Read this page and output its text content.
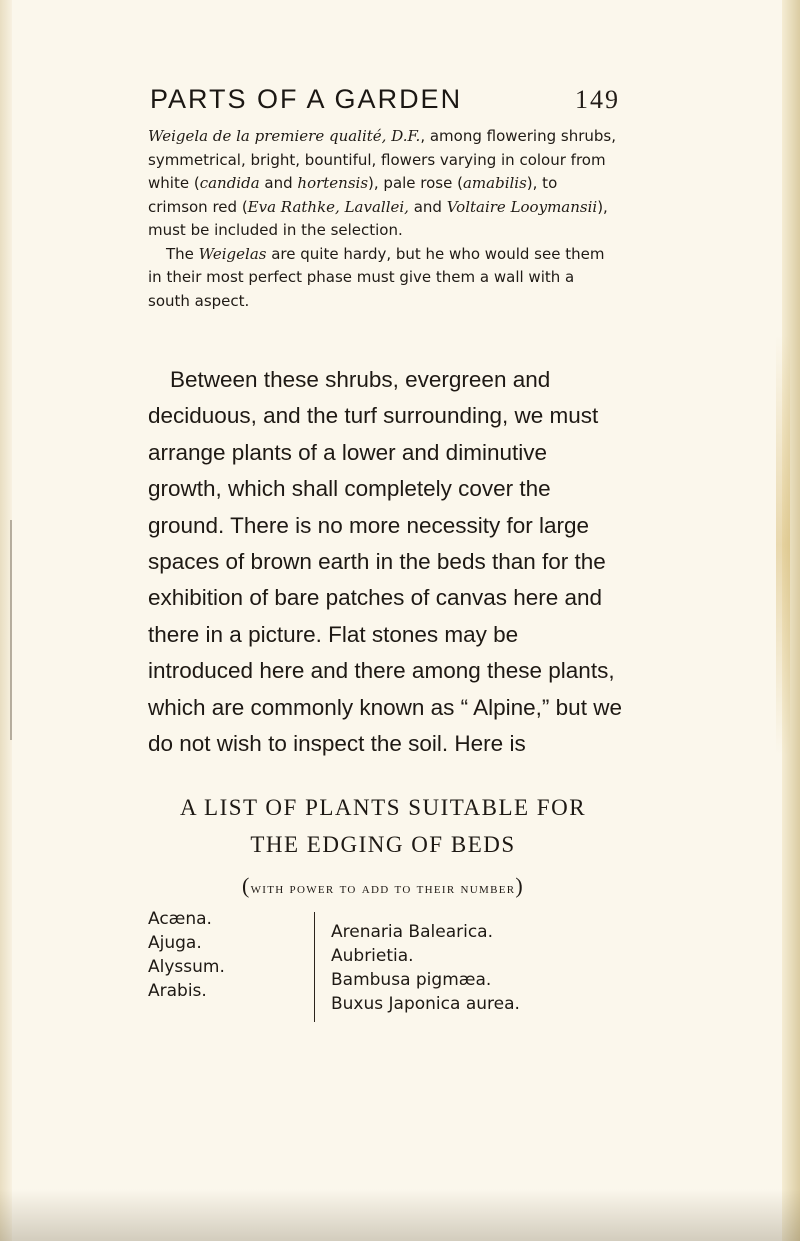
PARTS OF A GARDEN	149

Weigela de la premiere qualité, D.F., among flowering shrubs, symmetrical, bright, bountiful, flowers varying in colour from white (candida and hortensis), pale rose (amabilis), to crimson red (Eva Rathke, Lavallei, and Voltaire Looymansii), must be included in the selection.

The Weigelas are quite hardy, but he who would see them in their most perfect phase must give them a wall with a south aspect.

Between these shrubs, evergreen and deciduous, and the turf surrounding, we must arrange plants of a lower and diminutive growth, which shall completely cover the ground. There is no more necessity for large spaces of brown earth in the beds than for the exhibition of bare patches of canvas here and there in a picture. Flat stones may be introduced here and there among these plants, which are commonly known as “ Alpine,” but we do not wish to inspect the soil. Here is

A LIST OF PLANTS SUITABLE FOR
THE EDGING OF BEDS
(with power to add to their number)
Acæna.
Ajuga.
Alyssum.
Arabis.
Arenaria Balearica.
Aubrietia.
Bambusa pigmæa.
Buxus Japonica aurea.
